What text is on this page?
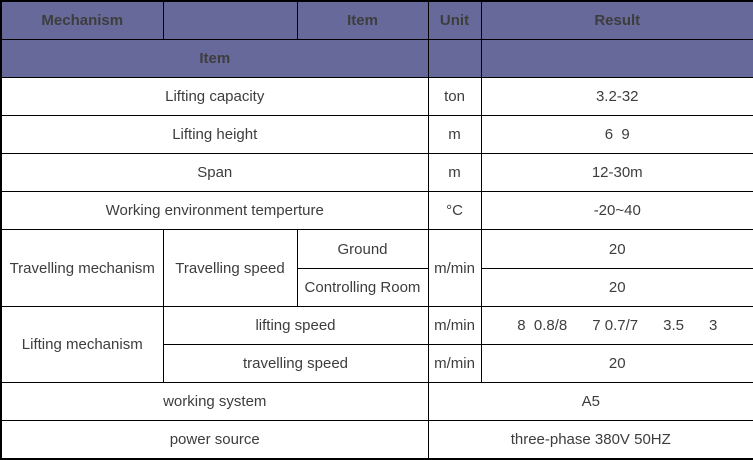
Mechanism		Item	Unit	Result
Item				
Lifting capacity			ton	3.2-32
Lifting height			m	6  9
Span			m	12-30m
Working environment temperture			°C	-20~40
Travelling mechanism	Travelling speed	Ground	m/min	20
		Controlling Room		20
Lifting mechanism	lifting speed		m/min	8  0.8/8      7 0.7/7      3.5      3
	travelling speed		m/min	20
working system			A5	
power source			three-phase 380V 50HZ	
